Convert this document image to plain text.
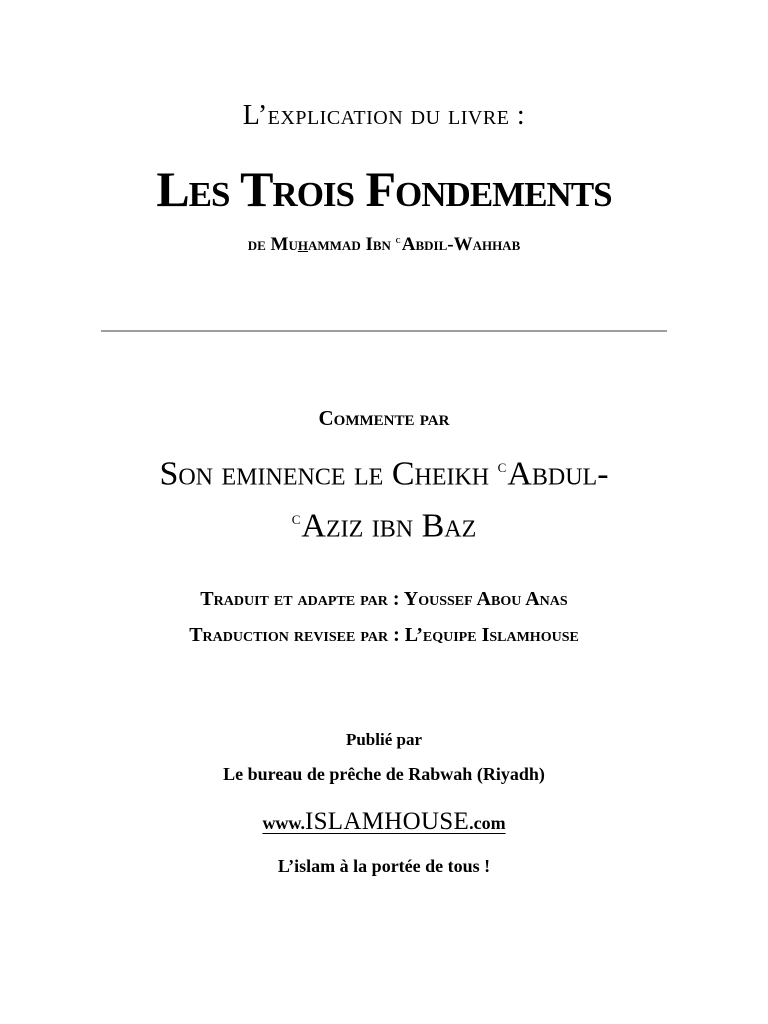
L’explication du livre :
Les Trois Fondements
de Muhammad Ibn $^c$Abdil-Wahhab
Commente par
Son eminence le Cheikh $^c$Abdul-
$^c$Aziz ibn Baz
Traduit et adapte par : Youssef Abou Anas
Traduction revisee par : L’equipe Islamhouse
Publié par
Le bureau de prêche de Rabwah (Riyadh)
www.ISLAMHOUSE.com
L’islam à la portée de tous !
